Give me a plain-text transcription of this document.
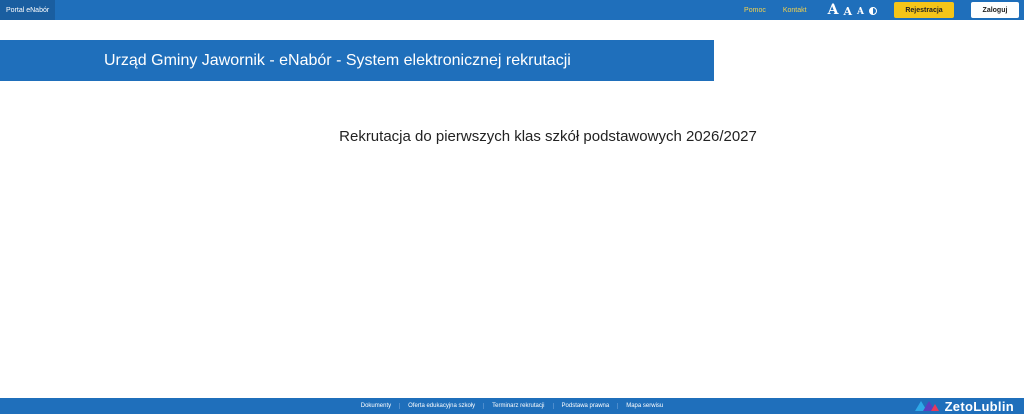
Portal eNabór	Pomoc Kontakt A A A	Rejestracja	Zaloguj
Urząd Gminy Jawornik - eNabór - System elektronicznej rekrutacji
Rekrutacja do pierwszych klas szkół podstawowych 2026/2027
Dokumenty	Oferta edukacyjna szkoły	Terminarz rekrutacji	Podstawa prawna	Mapa serwisu	ZetoLublin
